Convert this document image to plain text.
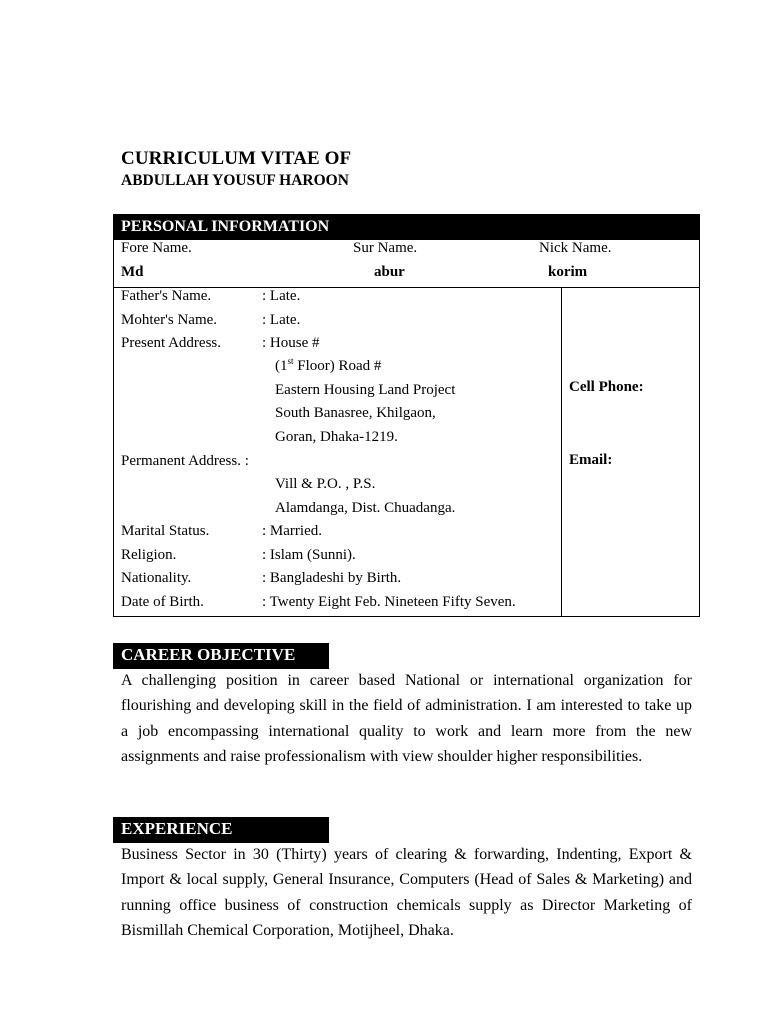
CURRICULUM VITAE OF
ABDULLAH YOUSUF HAROON
PERSONAL INFORMATION
Fore Name.	Sur Name.	Nick Name.
Md	abur	korim
Father's Name.	: Late.
Mohter's Name.	: Late.
Present Address.	: House #
(1st Floor) Road #
Eastern Housing Land Project
South Banasree, Khilgaon,
Goran, Dhaka-1219.
Permanent Address. :
Vill & P.O. , P.S.
Alamdanga, Dist. Chuadanga.
Marital Status.	: Married.
Religion.	: Islam (Sunni).
Nationality.	: Bangladeshi by Birth.
Date of Birth.	: Twenty Eight Feb. Nineteen Fifty Seven.
Cell Phone:
Email:
CAREER OBJECTIVE
A challenging position in career based National or international organization for flourishing and developing skill in the field of administration. I am interested to take up a job encompassing international quality to work and learn more from the new assignments and raise professionalism with view shoulder higher responsibilities.
EXPERIENCE
Business Sector in 30 (Thirty) years of clearing & forwarding, Indenting, Export & Import & local supply, General Insurance, Computers (Head of Sales & Marketing) and running office business of construction chemicals supply as Director Marketing of Bismillah Chemical Corporation, Motijheel, Dhaka.
